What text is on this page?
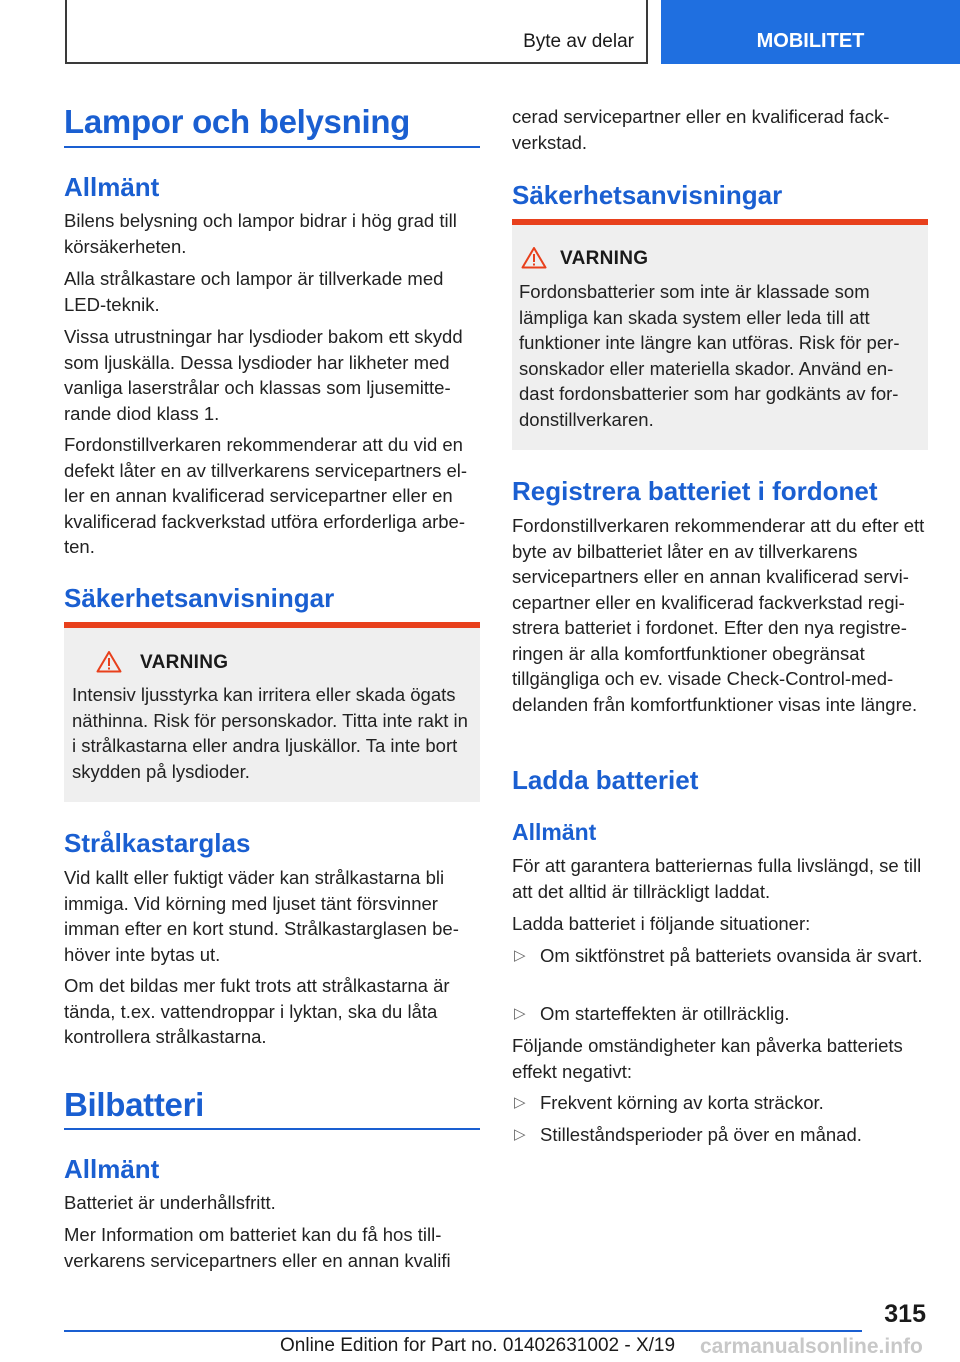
Byte av delar	MOBILITET
Lampor och belysning
Allmänt
Bilens belysning och lampor bidrar i hög grad till körsäkerheten.
Alla strålkastare och lampor är tillverkade med LED-teknik.
Vissa utrustningar har lysdioder bakom ett skydd som ljuskälla. Dessa lysdioder har likheter med vanliga laserstrålar och klassas som ljusemitterande diod klass 1.
Fordonstillverkaren rekommenderar att du vid en defekt låter en av tillverkarens servicepartners eller en annan kvalificerad servicepartner eller en kvalificerad fackverkstad utföra erforderliga arbeten.
Säkerhetsanvisningar
VARNING
Intensiv ljusstyrka kan irritera eller skada ögats näthinna. Risk för personskador. Titta inte rakt in i strålkastarna eller andra ljuskällor. Ta inte bort skydden på lysdioder.
Strålkastarglas
Vid kallt eller fuktigt väder kan strålkastarna bli immiga. Vid körning med ljuset tänt försvinner imman efter en kort stund. Strålkastarglasen behöver inte bytas ut.
Om det bildas mer fukt trots att strålkastarna är tända, t.ex. vattendroppar i lyktan, ska du låta kontrollera strålkastarna.
Bilbatteri
Allmänt
Batteriet är underhållsfritt.
Mer Information om batteriet kan du få hos tillverkarens servicepartners eller en annan kvalifi
cerad servicepartner eller en kvalificerad fackverkstad.
Säkerhetsanvisningar
VARNING
Fordonsbatterier som inte är klassade som lämpliga kan skada system eller leda till att funktioner inte längre kan utföras. Risk för personskador eller materiella skador. Använd endast fordonsbatterier som har godkänts av fordonstillverkaren.
Registrera batteriet i fordonet
Fordonstillverkaren rekommenderar att du efter ett byte av bilbatteriet låter en av tillverkarens servicepartners eller en annan kvalificerad servicepartner eller en kvalificerad fackverkstad registrera batteriet i fordonet. Efter den nya registreringen är alla komfortfunktioner obegränsat tillgängliga och ev. visade Check-Control-meddelanden från komfortfunktioner visas inte längre.
Ladda batteriet
Allmänt
För att garantera batteriernas fulla livslängd, se till att det alltid är tillräckligt laddat.
Ladda batteriet i följande situationer:
▷ Om siktfönstret på batteriets ovansida är svart.
▷ Om starteffekten är otillräcklig.
Följande omständigheter kan påverka batteriets effekt negativt:
▷ Frekvent körning av korta sträckor.
▷ Stilleståndsperioder på över en månad.
315
Online Edition for Part no. 01402631002 - X/19 carmanualsonline.info
